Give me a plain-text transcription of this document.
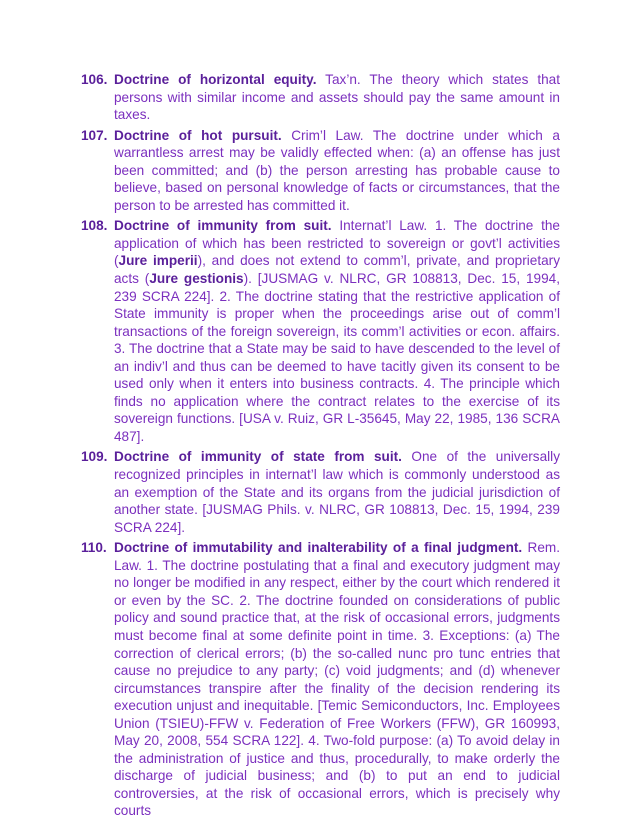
106. Doctrine of horizontal equity. Tax’n. The theory which states that persons with similar income and assets should pay the same amount in taxes.
107. Doctrine of hot pursuit. Crim’l Law. The doctrine under which a warrantless arrest may be validly effected when: (a) an offense has just been committed; and (b) the person arresting has probable cause to believe, based on personal knowledge of facts or circumstances, that the person to be arrested has committed it.
108. Doctrine of immunity from suit. Internat’l Law. 1. The doctrine the application of which has been restricted to sovereign or govt’l activities (Jure imperii), and does not extend to comm’l, private, and proprietary acts (Jure gestionis). [JUSMAG v. NLRC, GR 108813, Dec. 15, 1994, 239 SCRA 224]. 2. The doctrine stating that the restrictive application of State immunity is proper when the proceedings arise out of comm’l transactions of the foreign sovereign, its comm’l activities or econ. affairs. 3. The doctrine that a State may be said to have descended to the level of an indiv’l and thus can be deemed to have tacitly given its consent to be used only when it enters into business contracts. 4. The principle which finds no application where the contract relates to the exercise of its sovereign functions. [USA v. Ruiz, GR L-35645, May 22, 1985, 136 SCRA 487].
109. Doctrine of immunity of state from suit. One of the universally recognized principles in internat’l law which is commonly understood as an exemption of the State and its organs from the judicial jurisdiction of another state. [JUSMAG Phils. v. NLRC, GR 108813, Dec. 15, 1994, 239 SCRA 224].
110. Doctrine of immutability and inalterability of a final judgment. Rem. Law. 1. The doctrine postulating that a final and executory judgment may no longer be modified in any respect, either by the court which rendered it or even by the SC. 2. The doctrine founded on considerations of public policy and sound practice that, at the risk of occasional errors, judgments must become final at some definite point in time. 3. Exceptions: (a) The correction of clerical errors; (b) the so-called nunc pro tunc entries that cause no prejudice to any party; (c) void judgments; and (d) whenever circumstances transpire after the finality of the decision rendering its execution unjust and inequitable. [Temic Semiconductors, Inc. Employees Union (TSIEU)-FFW v. Federation of Free Workers (FFW), GR 160993, May 20, 2008, 554 SCRA 122]. 4. Two-fold purpose: (a) To avoid delay in the administration of justice and thus, procedurally, to make orderly the discharge of judicial business; and (b) to put an end to judicial controversies, at the risk of occasional errors, which is precisely why courts
